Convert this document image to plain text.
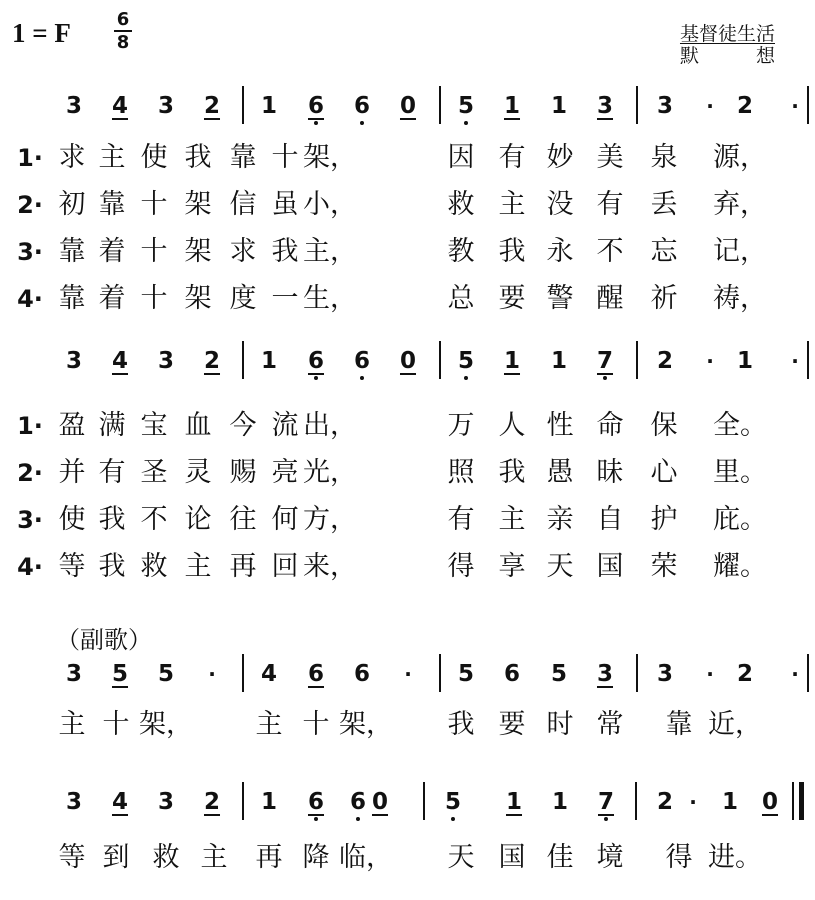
1 = F	6
8	基督徒生活
默	想
3 4 3 2 1 6 6 0 5 1 1 3 3 · 2 ·
3 4 3 2 1 6 6 0 5 1 1 7 2 · 1 ·
3 5 5 · 4 6 6 · 5 6 5 3 3 · 2 ·
3 4 3 2 1 6 6 0 5 1 1 7 2 · 1 0
1· 求 主 使 我 靠 十 架，	因 有 妙 美 泉 源，
2· 初 靠 十 架 信 虽 小，	救 主 没 有 丢 弃，
3· 靠 着 十 架 求 我 主，	教 我 永 不 忘 记，
4· 靠 着 十 架 度 一 生，	总 要 警 醒 祈 祷，
1· 盈 满 宝 血 今 流 出，	万 人 性 命 保 全。
2· 并 有 圣 灵 赐 亮 光，	照 我 愚 昧 心 里。
3· 使 我 不 论 往 何 方，	有 主 亲 自 护 庇。
4· 等 我 救 主 再 回 来，	得 享 天 国 荣 耀。
主 十 架， 主 十 架， 我 要 时 常 靠 近，
等 到 救 主 再 降 临， 天 国 佳 境 得 进。
（副歌）
